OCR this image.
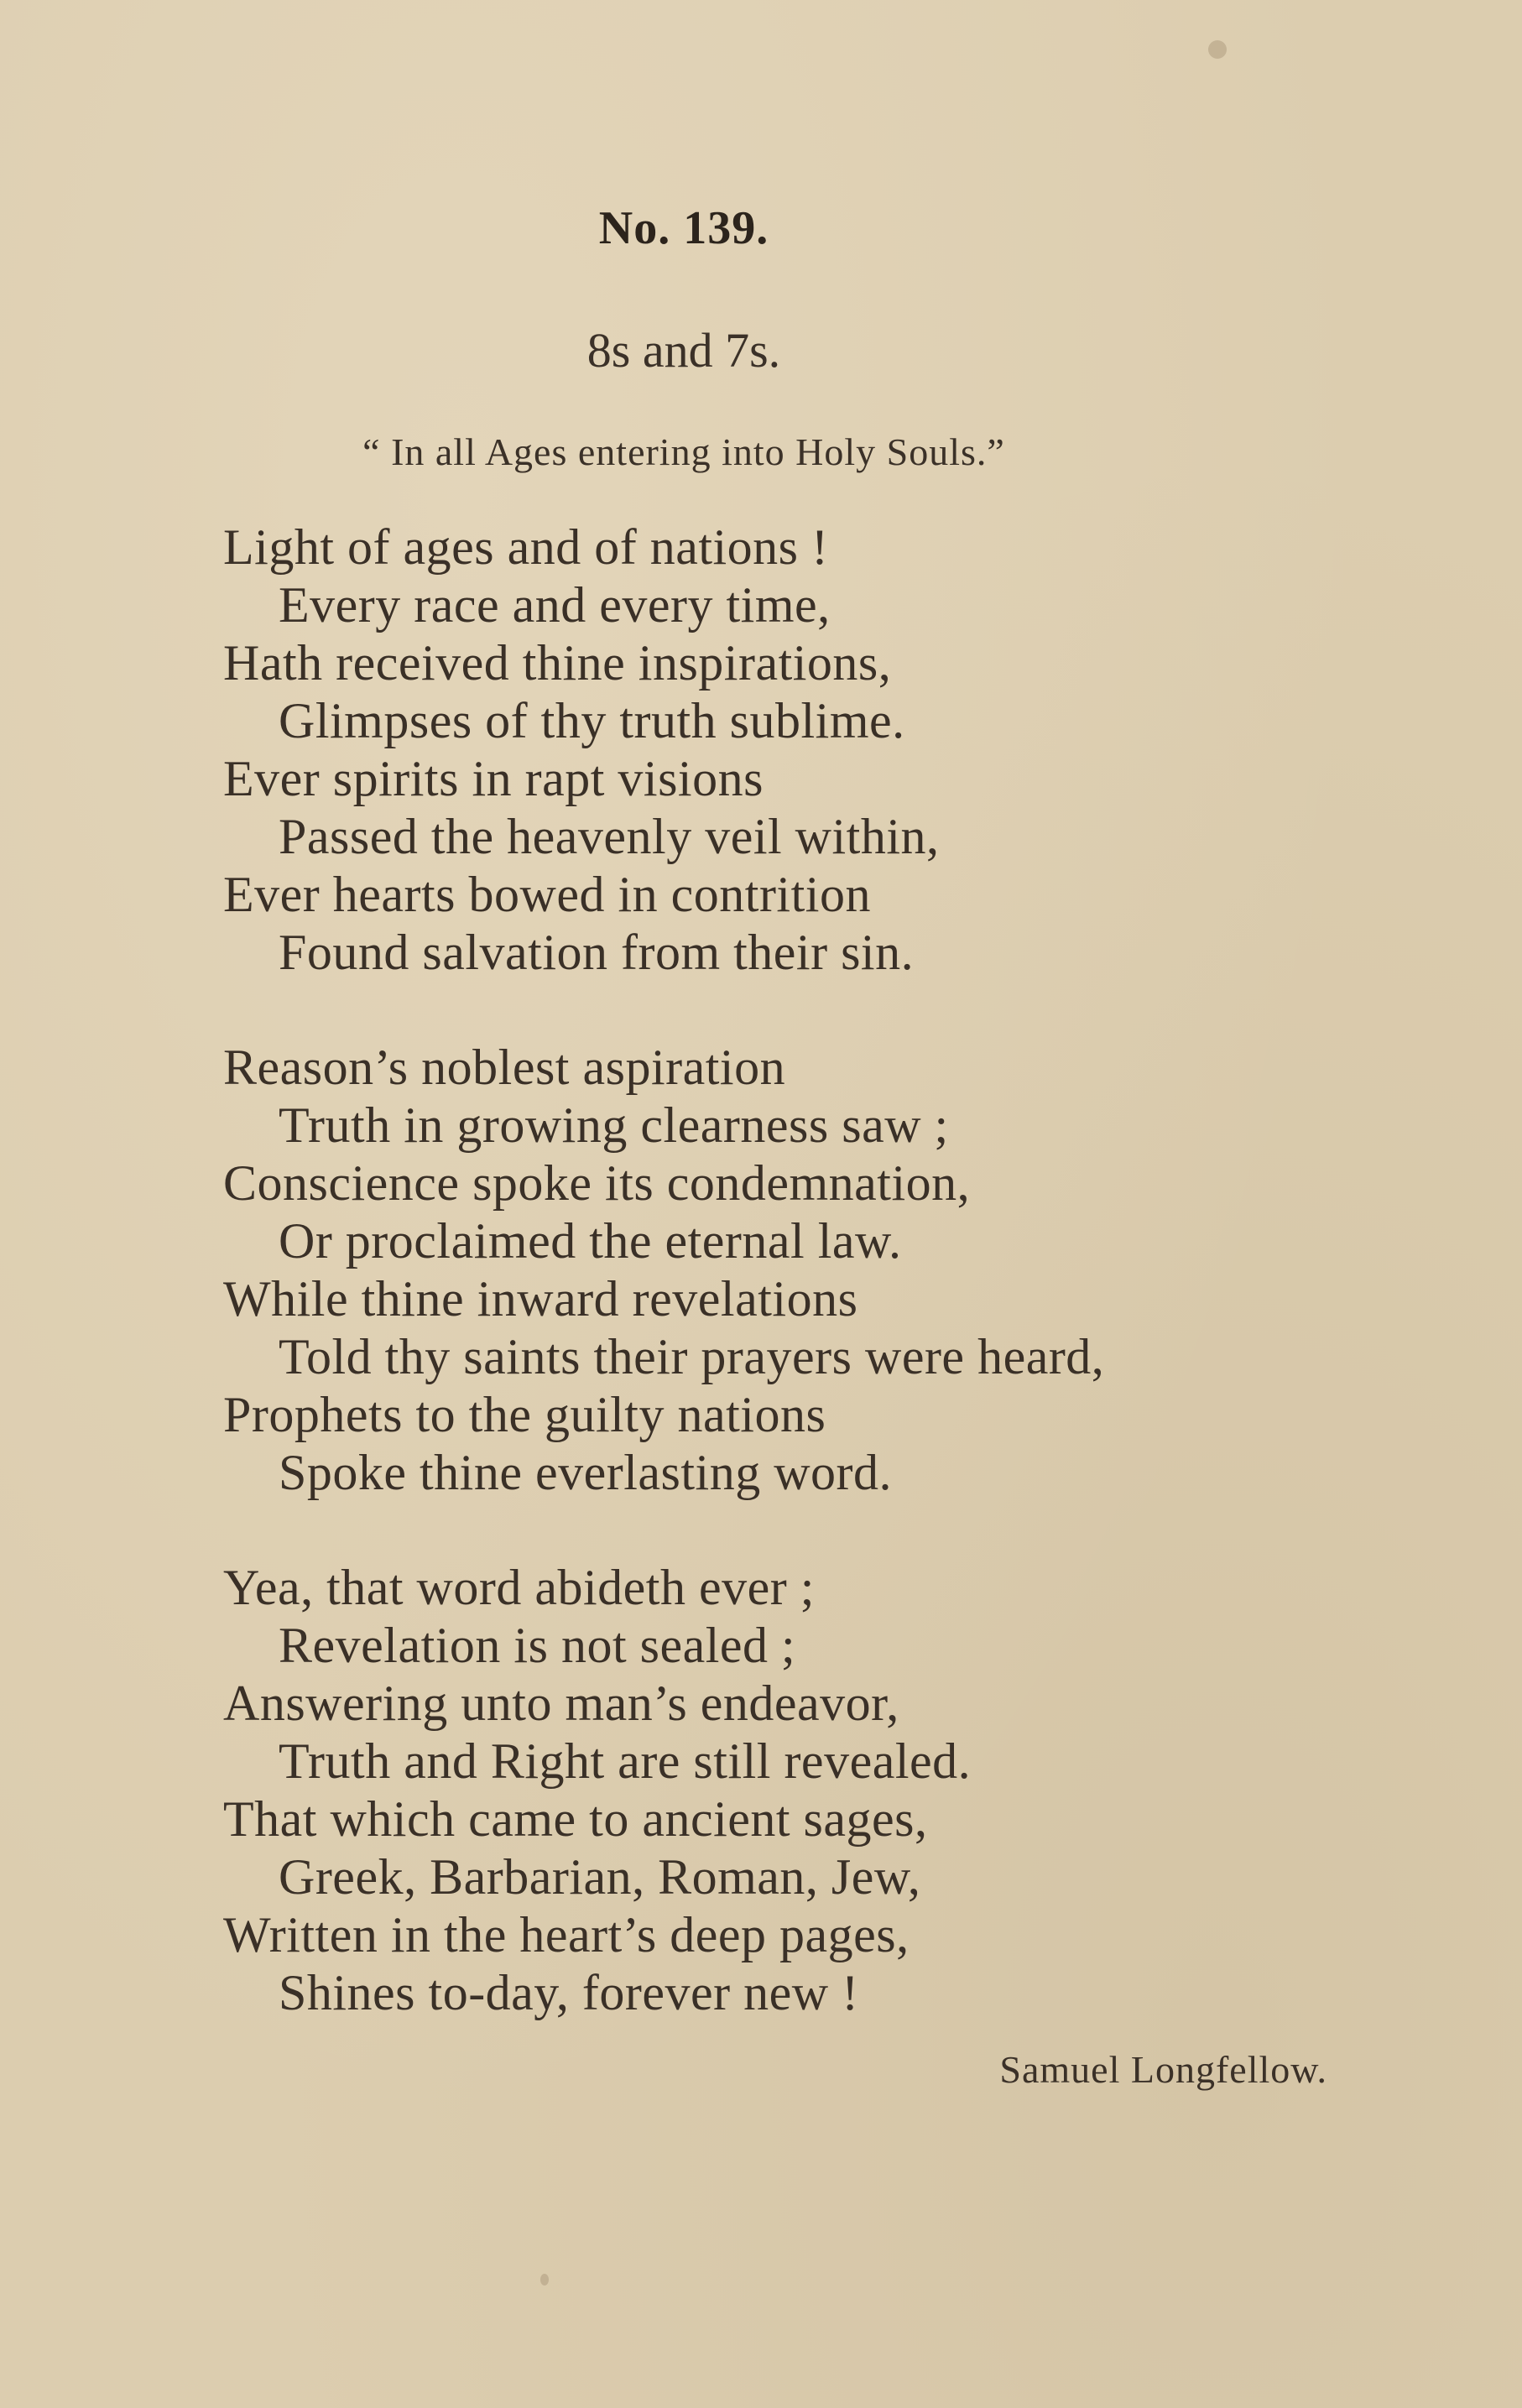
No. 139.
8s and 7s.
“ In all Ages entering into Holy Souls.”
Light of ages and of nations !
Every race and every time,
Hath received thine inspirations,
Glimpses of thy truth sublime.
Ever spirits in rapt visions
Passed the heavenly veil within,
Ever hearts bowed in contrition
Found salvation from their sin.
Reason’s noblest aspiration
Truth in growing clearness saw ;
Conscience spoke its condemnation,
Or proclaimed the eternal law.
While thine inward revelations
Told thy saints their prayers were heard,
Prophets to the guilty nations
Spoke thine everlasting word.
Yea, that word abideth ever ;
Revelation is not sealed ;
Answering unto man’s endeavor,
Truth and Right are still revealed.
That which came to ancient sages,
Greek, Barbarian, Roman, Jew,
Written in the heart’s deep pages,
Shines to-day, forever new !
Samuel Longfellow.
